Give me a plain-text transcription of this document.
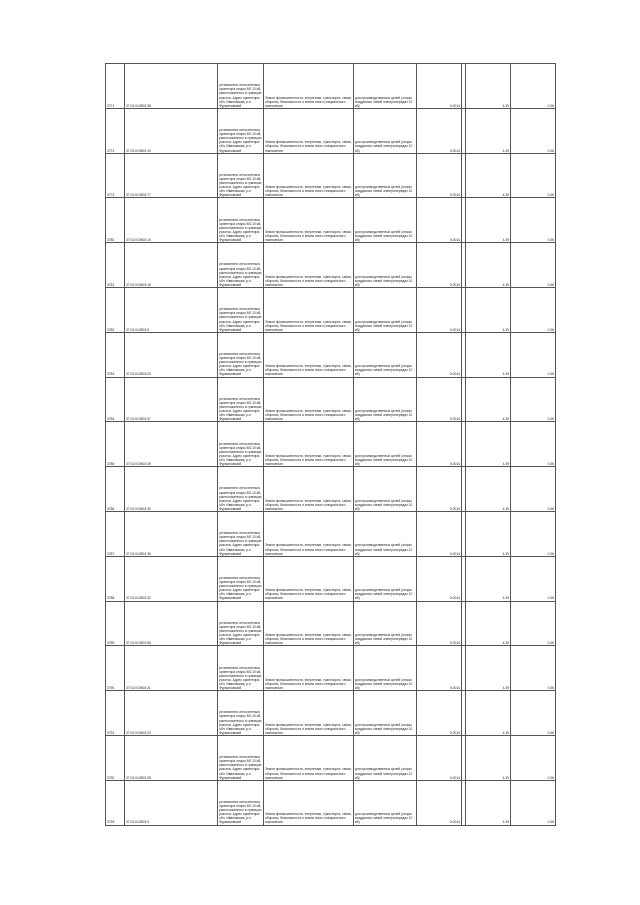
3771	37:01:010503:38	установлено относительно ориентира опоры ВЛ-10 кВ, расположенного в границах участка. Адрес ориентира: обл. Ивановская, р-н Фурмановский	Земли промышленности, энергетики, транспорта, связи, обороны, безопасности и земли иного специального назначения	для производственных целей (опоры воздушных линий электропередач 10 кВ)	0.0014		4.39	0.06
3772	37:01:010503:19	установлено относительно ориентира опоры ВЛ-10 кВ, расположенного в границах участка. Адрес ориентира: обл. Ивановская, р-н Фурмановский	Земли промышленности, энергетики, транспорта, связи, обороны, безопасности и земли иного специального назначения	для производственных целей (опоры воздушных линий электропередач 10 кВ)	0.0014		4.39	0.06
3773	37:01:010503:77	установлено относительно ориентира опоры ВЛ-10 кВ, расположенного в границах участка. Адрес ориентира: обл. Ивановская, р-н Фурмановский	Земли промышленности, энергетики, транспорта, связи, обороны, безопасности и земли иного специального назначения	для производственных целей (опоры воздушных линий электропередач 10 кВ)	0.0014		4.39	0.06
3780	37:01:010503:10	установлено относительно ориентира опоры ВЛ-10 кВ, расположенного в границах участка. Адрес ориентира: обл. Ивановская, р-н Фурмановский	Земли промышленности, энергетики, транспорта, связи, обороны, безопасности и земли иного специального назначения	для производственных целей (опоры воздушных линий электропередач 10 кВ)	0.0014		4.39	0.06
3781	37:01:010503:16	установлено относительно ориентира опоры ВЛ-10 кВ, расположенного в границах участка. Адрес ориентира: обл. Ивановская, р-н Фурмановский	Земли промышленности, энергетики, транспорта, связи, обороны, безопасности и земли иного специального назначения	для производственных целей (опоры воздушных линий электропередач 10 кВ)	0.0014		4.39	0.06
3782	37:01:010503:5	установлено относительно ориентира опоры ВЛ-10 кВ, расположенного в границах участка. Адрес ориентира: обл. Ивановская, р-н Фурмановский	Земли промышленности, энергетики, транспорта, связи, обороны, безопасности и земли иного специального назначения	для производственных целей (опоры воздушных линий электропередач 10 кВ)	0.0014		4.39	0.06
3783	37:01:010503:20	установлено относительно ориентира опоры ВЛ-10 кВ, расположенного в границах участка. Адрес ориентира: обл. Ивановская, р-н Фурмановский	Земли промышленности, энергетики, транспорта, связи, обороны, безопасности и земли иного специального назначения	для производственных целей (опоры воздушных линий электропередач 10 кВ)	0.0014		4.39	0.06
3784	37:01:010503:37	установлено относительно ориентира опоры ВЛ-10 кВ, расположенного в границах участка. Адрес ориентира: обл. Ивановская, р-н Фурмановский	Земли промышленности, энергетики, транспорта, связи, обороны, безопасности и земли иного специального назначения	для производственных целей (опоры воздушных линий электропередач 10 кВ)	0.0014		4.39	0.06
3785	37:01:010503:39	установлено относительно ориентира опоры ВЛ-10 кВ, расположенного в границах участка. Адрес ориентира: обл. Ивановская, р-н Фурмановский	Земли промышленности, энергетики, транспорта, связи, обороны, безопасности и земли иного специального назначения	для производственных целей (опоры воздушных линий электропередач 10 кВ)	0.0014		4.39	0.06
3786	37:01:010503:30	установлено относительно ориентира опоры ВЛ-10 кВ, расположенного в границах участка. Адрес ориентира: обл. Ивановская, р-н Фурмановский	Земли промышленности, энергетики, транспорта, связи, обороны, безопасности и земли иного специального назначения	для производственных целей (опоры воздушных линий электропередач 10 кВ)	0.0014		4.39	0.06
3787	37:01:010503:36	установлено относительно ориентира опоры ВЛ-10 кВ, расположенного в границах участка. Адрес ориентира: обл. Ивановская, р-н Фурмановский	Земли промышленности, энергетики, транспорта, связи, обороны, безопасности и земли иного специального назначения	для производственных целей (опоры воздушных линий электропередач 10 кВ)	0.0014		4.39	0.06
3788	37:01:010503:32	установлено относительно ориентира опоры ВЛ-10 кВ, расположенного в границах участка. Адрес ориентира: обл. Ивановская, р-н Фурмановский	Земли промышленности, энергетики, транспорта, связи, обороны, безопасности и земли иного специального назначения	для производственных целей (опоры воздушных линий электропередач 10 кВ)	0.0014		4.39	0.06
3789	37:01:010503:56	установлено относительно ориентира опоры ВЛ-10 кВ, расположенного в границах участка. Адрес ориентира: обл. Ивановская, р-н Фурмановский	Земли промышленности, энергетики, транспорта, связи, обороны, безопасности и земли иного специального назначения	для производственных целей (опоры воздушных линий электропередач 10 кВ)	0.0014		4.39	0.06
3790	37:01:010503:21	установлено относительно ориентира опоры ВЛ-10 кВ, расположенного в границах участка. Адрес ориентира: обл. Ивановская, р-н Фурмановский	Земли промышленности, энергетики, транспорта, связи, обороны, безопасности и земли иного специального назначения	для производственных целей (опоры воздушных линий электропередач 10 кВ)	0.0014		4.39	0.06
3791	37:01:010503:23	установлено относительно ориентира опоры ВЛ-10 кВ, расположенного в границах участка. Адрес ориентира: обл. Ивановская, р-н Фурмановский	Земли промышленности, энергетики, транспорта, связи, обороны, безопасности и земли иного специального назначения	для производственных целей (опоры воздушных линий электропередач 10 кВ)	0.0014		4.39	0.06
3792	37:01:010503:28	установлено относительно ориентира опоры ВЛ-10 кВ, расположенного в границах участка. Адрес ориентира: обл. Ивановская, р-н Фурмановский	Земли промышленности, энергетики, транспорта, связи, обороны, безопасности и земли иного специального назначения	для производственных целей (опоры воздушных линий электропередач 10 кВ)	0.0014		4.39	0.06
3793	37:01:010503:3	установлено относительно ориентира опоры ВЛ-10 кВ, расположенного в границах участка. Адрес ориентира: обл. Ивановская, р-н Фурмановский	Земли промышленности, энергетики, транспорта, связи, обороны, безопасности и земли иного специального назначения	для производственных целей (опоры воздушных линий электропередач 10 кВ)	0.0014		4.39	0.06
